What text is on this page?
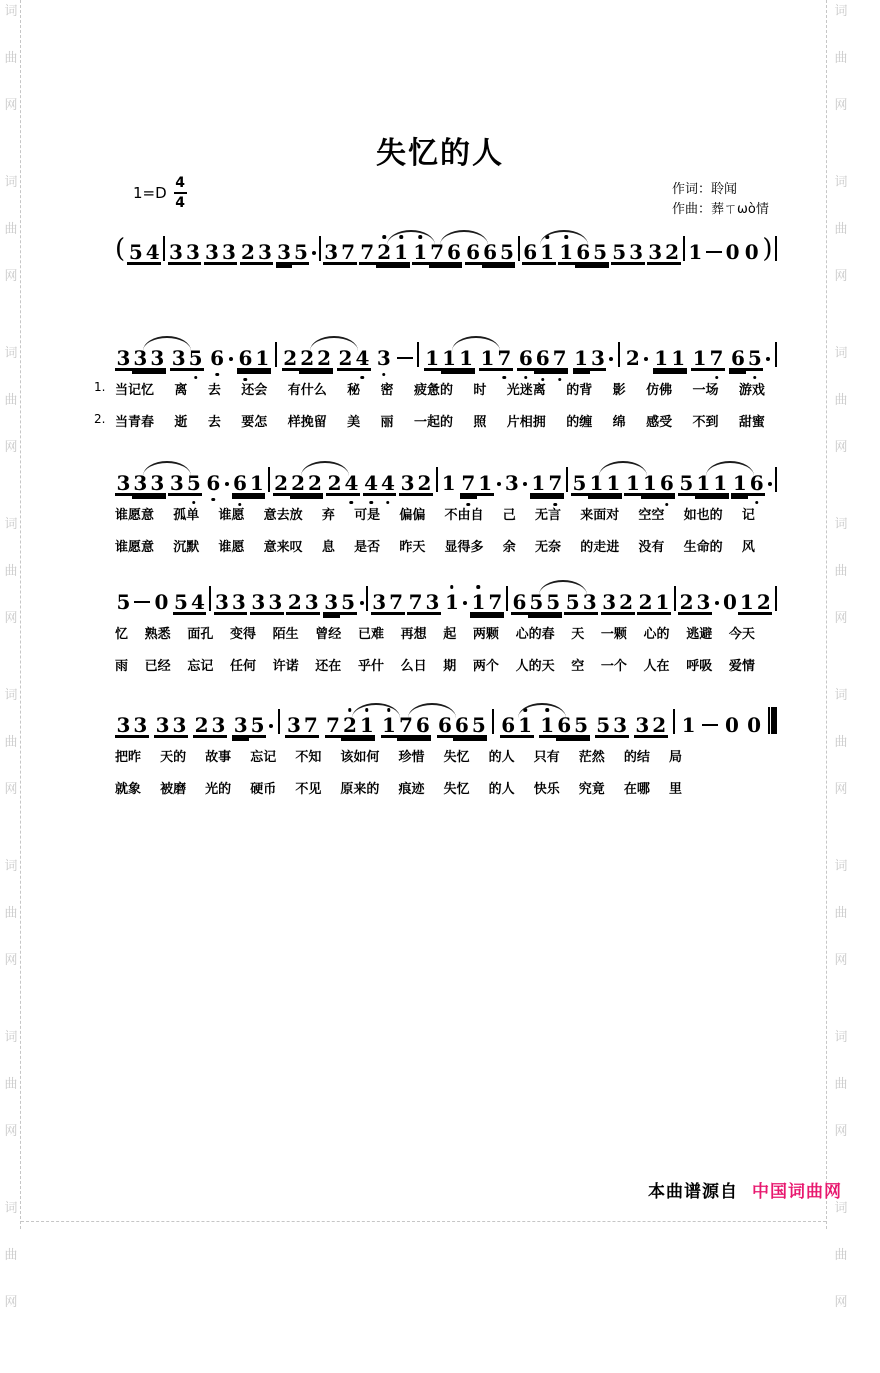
词
曲
网
词
曲
网
词
曲
网
词
曲
网
词
曲
网
词
曲
网
词
曲
网
词
曲
网
词
曲
网
词
曲
网
词
曲
网
词
曲
网
词
曲
网
词
曲
网
词
曲
网
词
曲
网
失忆的人
$1=D \frac{4}{4}$	作词：聆闻
作曲：葬ㄒωò情
( 5 4 3 3 3 3 2 3 3 5 3 7 7 2 1 1 7 6 6 6 5 6 1 1 6 5 5 3 3 2 1 0 0 )
3 3 3 3 5 6 6 1 2 2 2 2 4 3 1 1 1 1 7 6 6 7 1 3 2 1 1 1 7 6 5
1. 当记忆 离 去 还会 有什么 秘 密 疲惫的 时 光迷离 的背 影 仿佛 一场 游戏
2. 当青春 逝 去 要怎 样挽留 美 丽 一起的 照 片相拥 的缠 绵 感受 不到 甜蜜
3 3 3 3 5 6 6 1 2 2 2 2 4 4 4 3 2 1 7 1 3 1 7 5 1 1 1 1 6 5 1 1 1 6
谁愿意 孤单 谁愿 意去放 弃 可是 偏偏 不由自 己 无言 来面对 空空 如也的 记
谁愿意 沉默 谁愿 意来叹 息 是否 昨天 显得多 余 无奈 的走进 没有 生命的 风
5 0 5 4 3 3 3 3 2 3 3 5 3 7 7 3 1 1 7 6 5 5 5 3 3 2 2 1 2 3 0 1 2
忆 熟悉 面孔 变得 陌生 曾经 已难 再想 起 两颗 心的春 天 一颗 心的 逃避 今天
雨 已经 忘记 任何 许诺 还在 乎什 么日 期 两个 人的天 空 一个 人在 呼吸 爱情
3 3 3 3 2 3 3 5 3 7 7 2 1 1 7 6 6 6 5 6 1 1 6 5 5 3 3 2 1 0 0
把昨 天的 故事 忘记 不知 该如何 珍惜 失忆 的人 只有 茫然 的结 局
就象 被磨 光的 硬币 不见 原来的 痕迹 失忆 的人 快乐 究竟 在哪 里
本曲谱源自 中国词曲网
